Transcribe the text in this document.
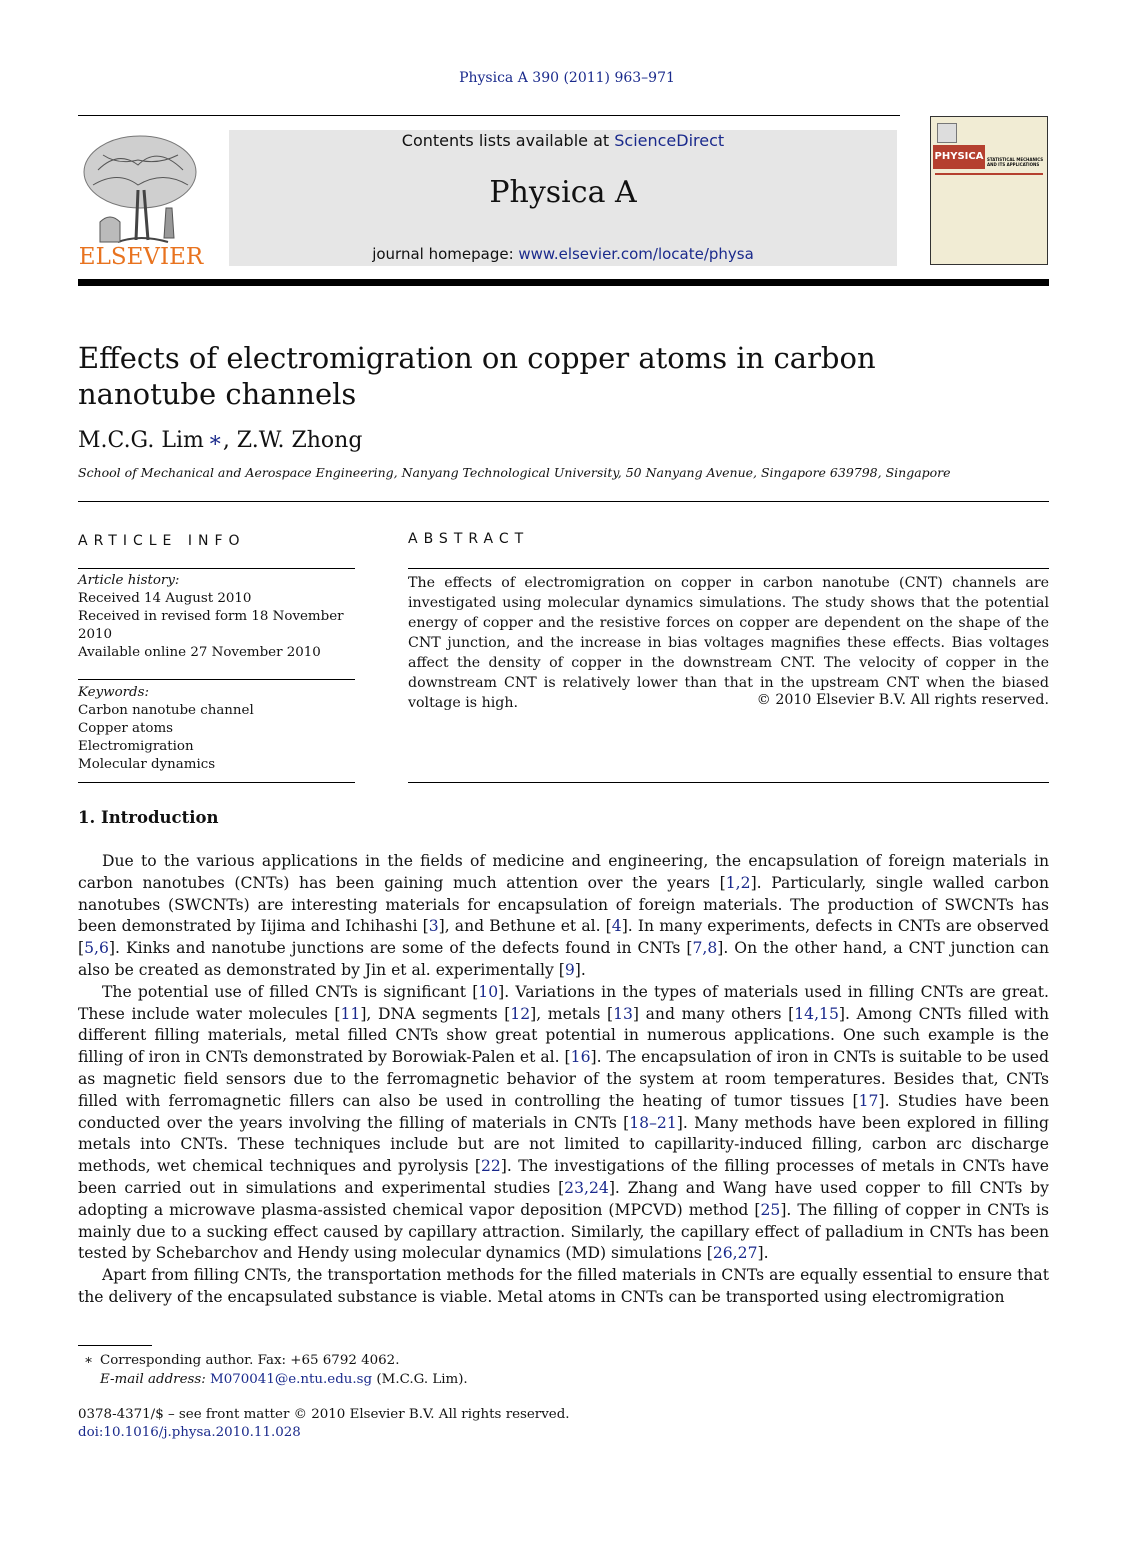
Physica A 390 (2011) 963–971
ELSEVIER
Contents lists available at ScienceDirect
Physica A
journal homepage: www.elsevier.com/locate/physa
PHYSICA STATISTICAL MECHANICS AND ITS APPLICATIONS
Effects of electromigration on copper atoms in carbon nanotube channels
M.C.G. Lim ∗, Z.W. Zhong
School of Mechanical and Aerospace Engineering, Nanyang Technological University, 50 Nanyang Avenue, Singapore 639798, Singapore
ARTICLE INFO
Article history:
Received 14 August 2010
Received in revised form 18 November 2010
Available online 27 November 2010
Keywords:
Carbon nanotube channel
Copper atoms
Electromigration
Molecular dynamics
ABSTRACT
The effects of electromigration on copper in carbon nanotube (CNT) channels are investigated using molecular dynamics simulations. The study shows that the potential energy of copper and the resistive forces on copper are dependent on the shape of the CNT junction, and the increase in bias voltages magnifies these effects. Bias voltages affect the density of copper in the downstream CNT. The velocity of copper in the downstream CNT is relatively lower than that in the upstream CNT when the biased voltage is high.	© 2010 Elsevier B.V. All rights reserved.
1. Introduction

Due to the various applications in the fields of medicine and engineering, the encapsulation of foreign materials in carbon nanotubes (CNTs) has been gaining much attention over the years [1,2]. Particularly, single walled carbon nanotubes (SWCNTs) are interesting materials for encapsulation of foreign materials. The production of SWCNTs has been demonstrated by Iijima and Ichihashi [3], and Bethune et al. [4]. In many experiments, defects in CNTs are observed [5,6]. Kinks and nanotube junctions are some of the defects found in CNTs [7,8]. On the other hand, a CNT junction can also be created as demonstrated by Jin et al. experimentally [9].

The potential use of filled CNTs is significant [10]. Variations in the types of materials used in filling CNTs are great. These include water molecules [11], DNA segments [12], metals [13] and many others [14,15]. Among CNTs filled with different filling materials, metal filled CNTs show great potential in numerous applications. One such example is the filling of iron in CNTs demonstrated by Borowiak-Palen et al. [16]. The encapsulation of iron in CNTs is suitable to be used as magnetic field sensors due to the ferromagnetic behavior of the system at room temperatures. Besides that, CNTs filled with ferromagnetic fillers can also be used in controlling the heating of tumor tissues [17]. Studies have been conducted over the years involving the filling of materials in CNTs [18–21]. Many methods have been explored in filling metals into CNTs. These techniques include but are not limited to capillarity-induced filling, carbon arc discharge methods, wet chemical techniques and pyrolysis [22]. The investigations of the filling processes of metals in CNTs have been carried out in simulations and experimental studies [23,24]. Zhang and Wang have used copper to fill CNTs by adopting a microwave plasma-assisted chemical vapor deposition (MPCVD) method [25]. The filling of copper in CNTs is mainly due to a sucking effect caused by capillary attraction. Similarly, the capillary effect of palladium in CNTs has been tested by Schebarchov and Hendy using molecular dynamics (MD) simulations [26,27].

Apart from filling CNTs, the transportation methods for the filled materials in CNTs are equally essential to ensure that the delivery of the encapsulated substance is viable. Metal atoms in CNTs can be transported using electromigration

∗ Corresponding author. Fax: +65 6792 4062.
E-mail address: M070041@e.ntu.edu.sg (M.C.G. Lim).
0378-4371/$ – see front matter © 2010 Elsevier B.V. All rights reserved.
doi:10.1016/j.physa.2010.11.028
